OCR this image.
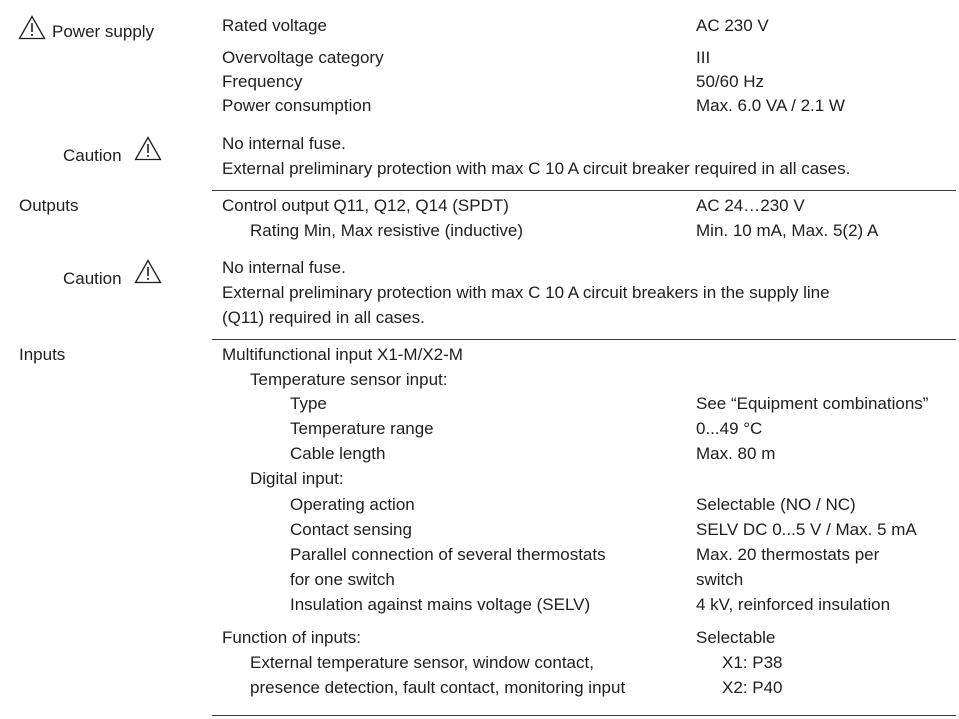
Power supply	Rated voltage	AC 230 V
Overvoltage category	III
Frequency	50/60 Hz
Power consumption	Max. 6.0 VA / 2.1 W
Caution
No internal fuse.
External preliminary protection with max C 10 A circuit breaker required in all cases.
Outputs	Control output Q11, Q12, Q14 (SPDT)	AC 24…230 V
Rating Min, Max resistive (inductive)	Min. 10 mA, Max. 5(2) A
Caution
No internal fuse.
External preliminary protection with max C 10 A circuit breakers in the supply line
(Q11) required in all cases.
Inputs	Multifunctional input X1-M/X2-M
Temperature sensor input:
Type	See “Equipment combinations”
Temperature range	0...49 °C
Cable length	Max. 80 m
Digital input:
Operating action	Selectable (NO / NC)
Contact sensing	SELV DC 0...5 V / Max. 5 mA
Parallel connection of several thermostats	Max. 20 thermostats per
for one switch	switch
Insulation against mains voltage (SELV)	4 kV, reinforced insulation
Function of inputs:	Selectable
External temperature sensor, window contact,	X1: P38
presence detection, fault contact, monitoring input	X2: P40
